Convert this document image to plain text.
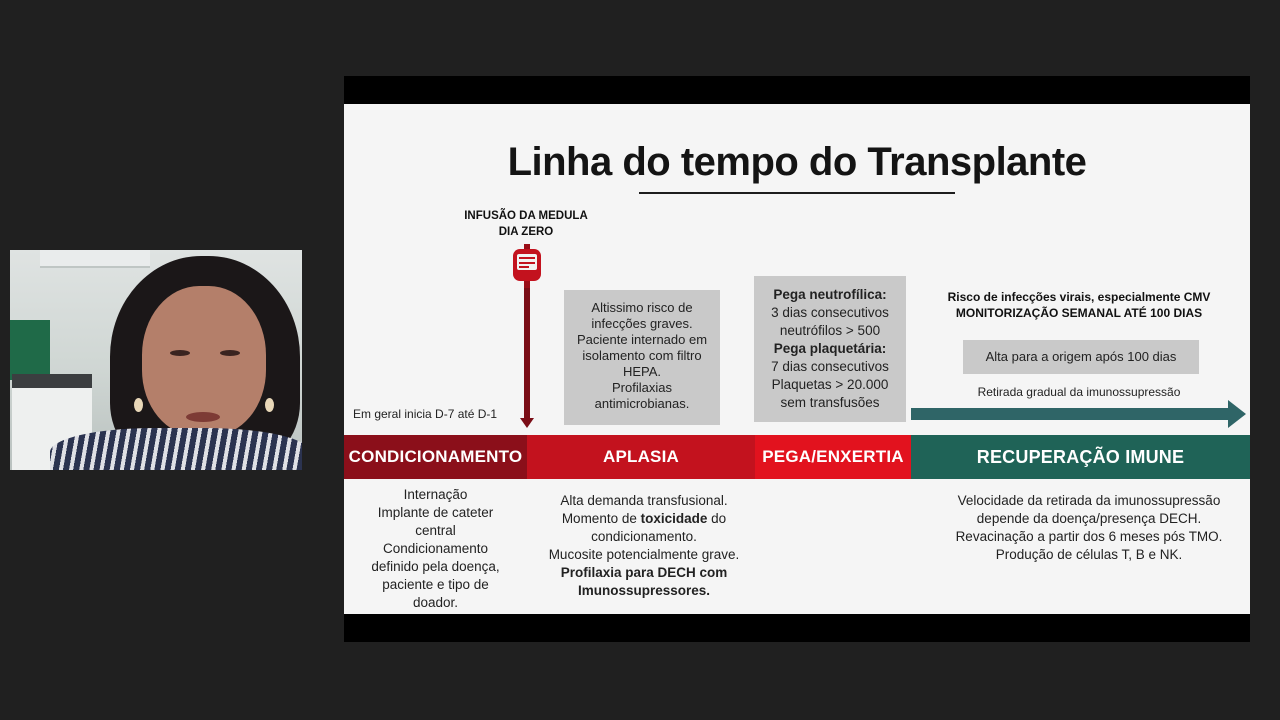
Linha do tempo do Transplante
INFUSÃO DA MEDULA
DIA ZERO
Em geral inicia D-7 até D-1
Altissimo risco de
infecções graves.
Paciente internado em
isolamento com filtro
HEPA.
Profilaxias
antimicrobianas.
Pega neutrofílica:
3 dias consecutivos
neutrófilos > 500
Pega plaquetária:
7 dias consecutivos
Plaquetas > 20.000
sem transfusões
Risco de infecções virais, especialmente CMV
MONITORIZAÇÃO SEMANAL ATÉ 100 DIAS
Alta para a origem após 100 dias
Retirada gradual da imunossupressão
CONDICIONAMENTO	APLASIA	PEGA/ENXERTIA	RECUPERAÇÃO IMUNE
Internação
Implante de cateter
central
Condicionamento
definido pela doença,
paciente e tipo de
doador.
Alta demanda transfusional.
Momento de toxicidade do
condicionamento.
Mucosite potencialmente grave.
Profilaxia para DECH com
Imunossupressores.
Velocidade da retirada da imunossupressão
depende da doença/presença DECH.
Revacinação a partir dos 6 meses pós TMO.
Produção de células T, B e NK.
